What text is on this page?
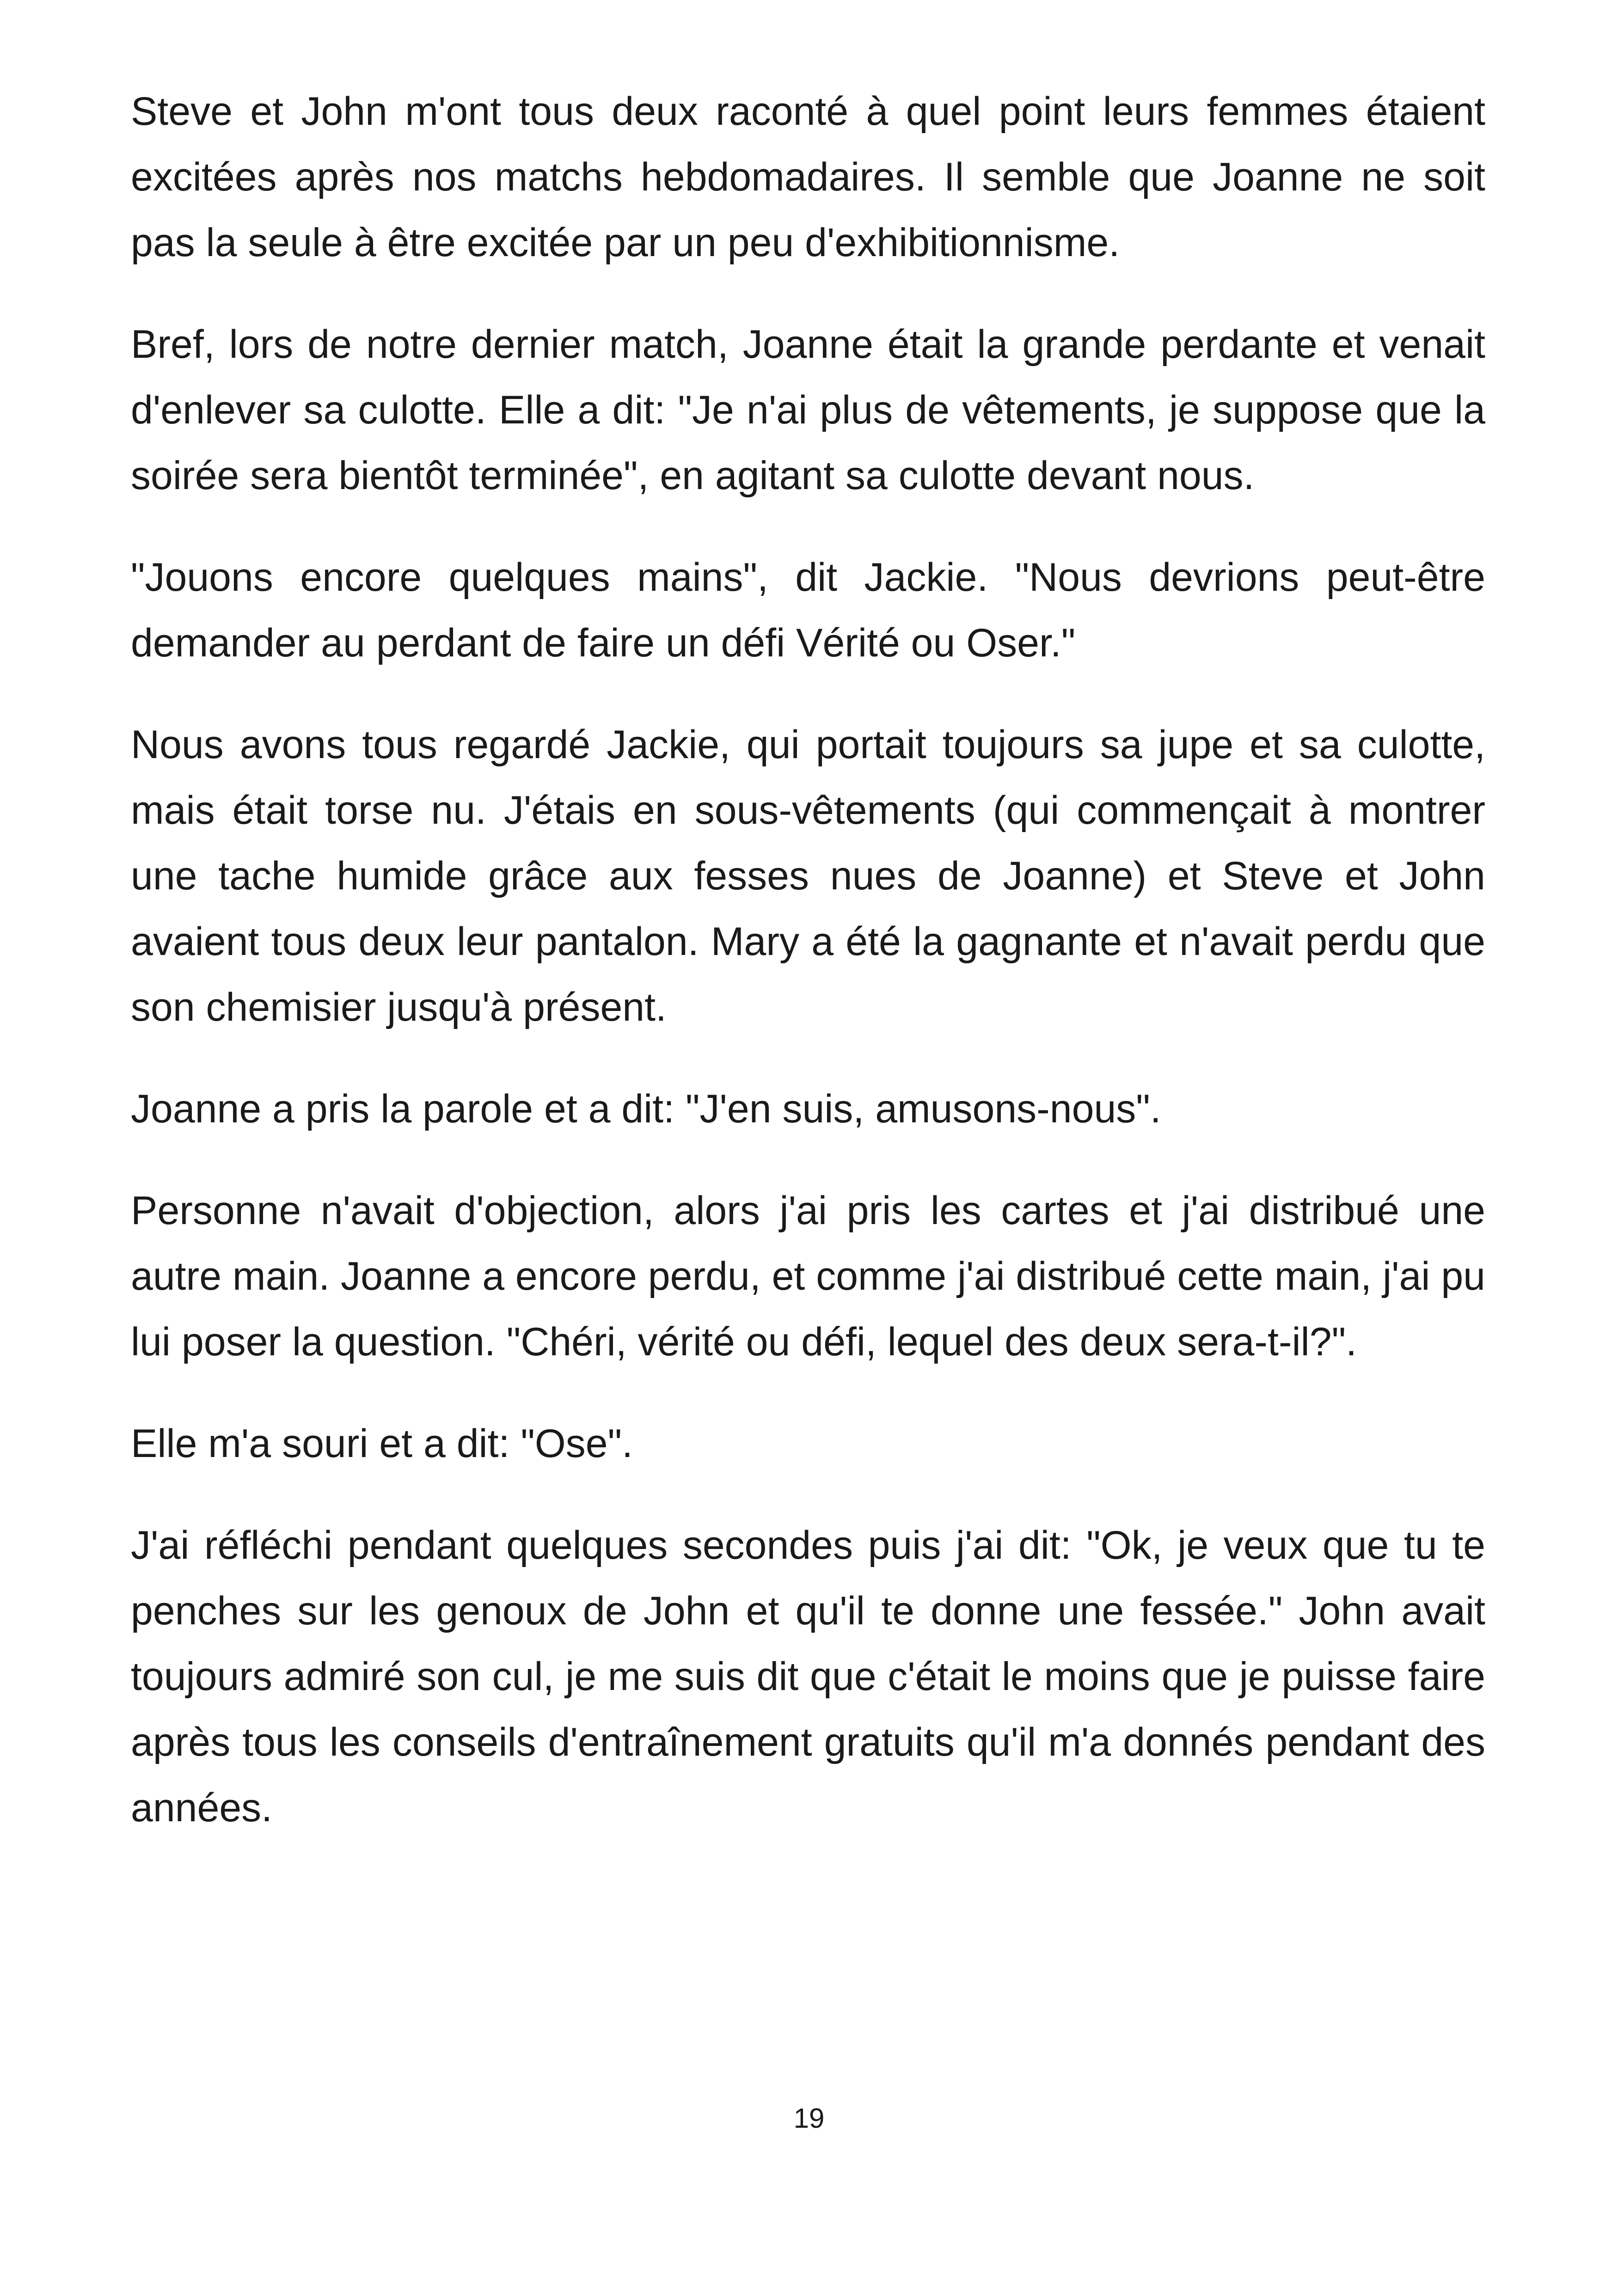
Steve et John m'ont tous deux raconté à quel point leurs femmes étaient excitées après nos matchs hebdomadaires. Il semble que Joanne ne soit pas la seule à être excitée par un peu d'exhibitionnisme.

Bref, lors de notre dernier match, Joanne était la grande perdante et venait d'enlever sa culotte. Elle a dit: "Je n'ai plus de vêtements, je suppose que la soirée sera bientôt terminée", en agitant sa culotte devant nous.

"Jouons encore quelques mains", dit Jackie. "Nous devrions peut-être demander au perdant de faire un défi Vérité ou Oser."

Nous avons tous regardé Jackie, qui portait toujours sa jupe et sa culotte, mais était torse nu. J'étais en sous-vêtements (qui commençait à montrer une tache humide grâce aux fesses nues de Joanne) et Steve et John avaient tous deux leur pantalon. Mary a été la gagnante et n'avait perdu que son chemisier jusqu'à présent.

Joanne a pris la parole et a dit: "J'en suis, amusons-nous".

Personne n'avait d'objection, alors j'ai pris les cartes et j'ai distribué une autre main. Joanne a encore perdu, et comme j'ai distribué cette main, j'ai pu lui poser la question. "Chéri, vérité ou défi, lequel des deux sera-t-il?".

Elle m'a souri et a dit: "Ose".

J'ai réfléchi pendant quelques secondes puis j'ai dit: "Ok, je veux que tu te penches sur les genoux de John et qu'il te donne une fessée." John avait toujours admiré son cul, je me suis dit que c'était le moins que je puisse faire après tous les conseils d'entraînement gratuits qu'il m'a donnés pendant des années.

19
